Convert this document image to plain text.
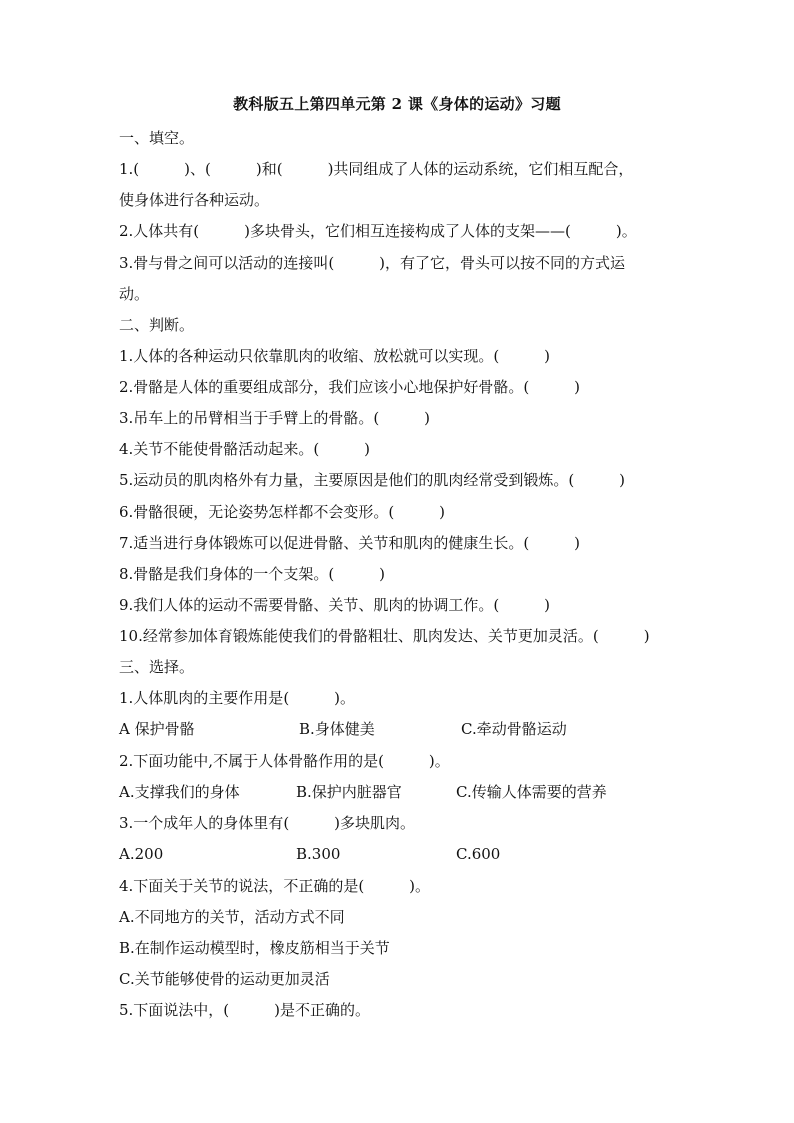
教科版五上第四单元第 2 课《身体的运动》习题
一、填空。
1.(　　　)、(　　　)和(　　　)共同组成了人体的运动系统，它们相互配合，
使身体进行各种运动。
2.人体共有(　　　)多块骨头，它们相互连接构成了人体的支架——(　　　)。
3.骨与骨之间可以活动的连接叫(　　　)，有了它，骨头可以按不同的方式运
动。
二、判断。
1.人体的各种运动只依靠肌肉的收缩、放松就可以实现。(　　　)
2.骨骼是人体的重要组成部分，我们应该小心地保护好骨骼。(　　　)
3.吊车上的吊臂相当于手臂上的骨骼。(　　　)
4.关节不能使骨骼活动起来。(　　　)
5.运动员的肌肉格外有力量，主要原因是他们的肌肉经常受到锻炼。(　　　)
6.骨骼很硬，无论姿势怎样都不会变形。(　　　)
7.适当进行身体锻炼可以促进骨骼、关节和肌肉的健康生长。(　　　)
8.骨骼是我们身体的一个支架。(　　　)
9.我们人体的运动不需要骨骼、关节、肌肉的协调工作。(　　　)
10.经常参加体育锻炼能使我们的骨骼粗壮、肌肉发达、关节更加灵活。(　　　)
三、选择。
1.人体肌肉的主要作用是(　　　)。
A 保护骨骼	B.身体健美	C.牵动骨骼运动
2.下面功能中,不属于人体骨骼作用的是(　　　)。
A.支撑我们的身体	B.保护内脏器官	C.传输人体需要的营养
3.一个成年人的身体里有(　　　)多块肌肉。
A.200	B.300	C.600
4.下面关于关节的说法，不正确的是(　　　)。
A.不同地方的关节，活动方式不同
B.在制作运动模型时，橡皮筋相当于关节
C.关节能够使骨的运动更加灵活
5.下面说法中，(　　　)是不正确的。
